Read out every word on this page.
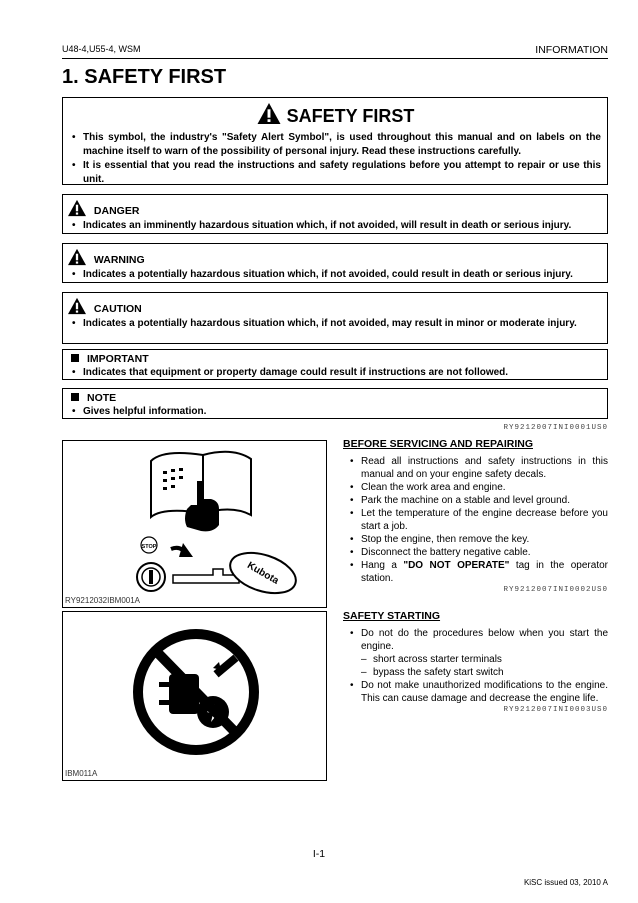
U48-4,U55-4, WSM	INFORMATION
1. SAFETY FIRST
SAFETY FIRST
• This symbol, the industry's "Safety Alert Symbol", is used throughout this manual and on labels on the machine itself to warn of the possibility of personal injury. Read these instructions carefully.
• It is essential that you read the instructions and safety regulations before you attempt to repair or use this unit.
DANGER
• Indicates an imminently hazardous situation which, if not avoided, will result in death or serious injury.
WARNING
• Indicates a potentially hazardous situation which, if not avoided, could result in death or serious injury.
CAUTION
• Indicates a potentially hazardous situation which, if not avoided, may result in minor or moderate injury.
IMPORTANT
• Indicates that equipment or property damage could result if instructions are not followed.
NOTE
• Gives helpful information.
RY9212007INI0001US0
STOP
Kubota
RY9212032IBM001A
IBM011A
BEFORE SERVICING AND REPAIRING
• Read all instructions and safety instructions in this manual and on your engine safety decals.
• Clean the work area and engine.
• Park the machine on a stable and level ground.
• Let the temperature of the engine decrease before you start a job.
• Stop the engine, then remove the key.
• Disconnect the battery negative cable.
• Hang a "DO NOT OPERATE" tag in the operator station.
RY9212007INI0002US0
SAFETY STARTING
• Do not do the procedures below when you start the engine.
– short across starter terminals
– bypass the safety start switch
• Do not make unauthorized modifications to the engine. This can cause damage and decrease the engine life.
RY9212007INI0003US0
I-1
KiSC issued 03, 2010 A
